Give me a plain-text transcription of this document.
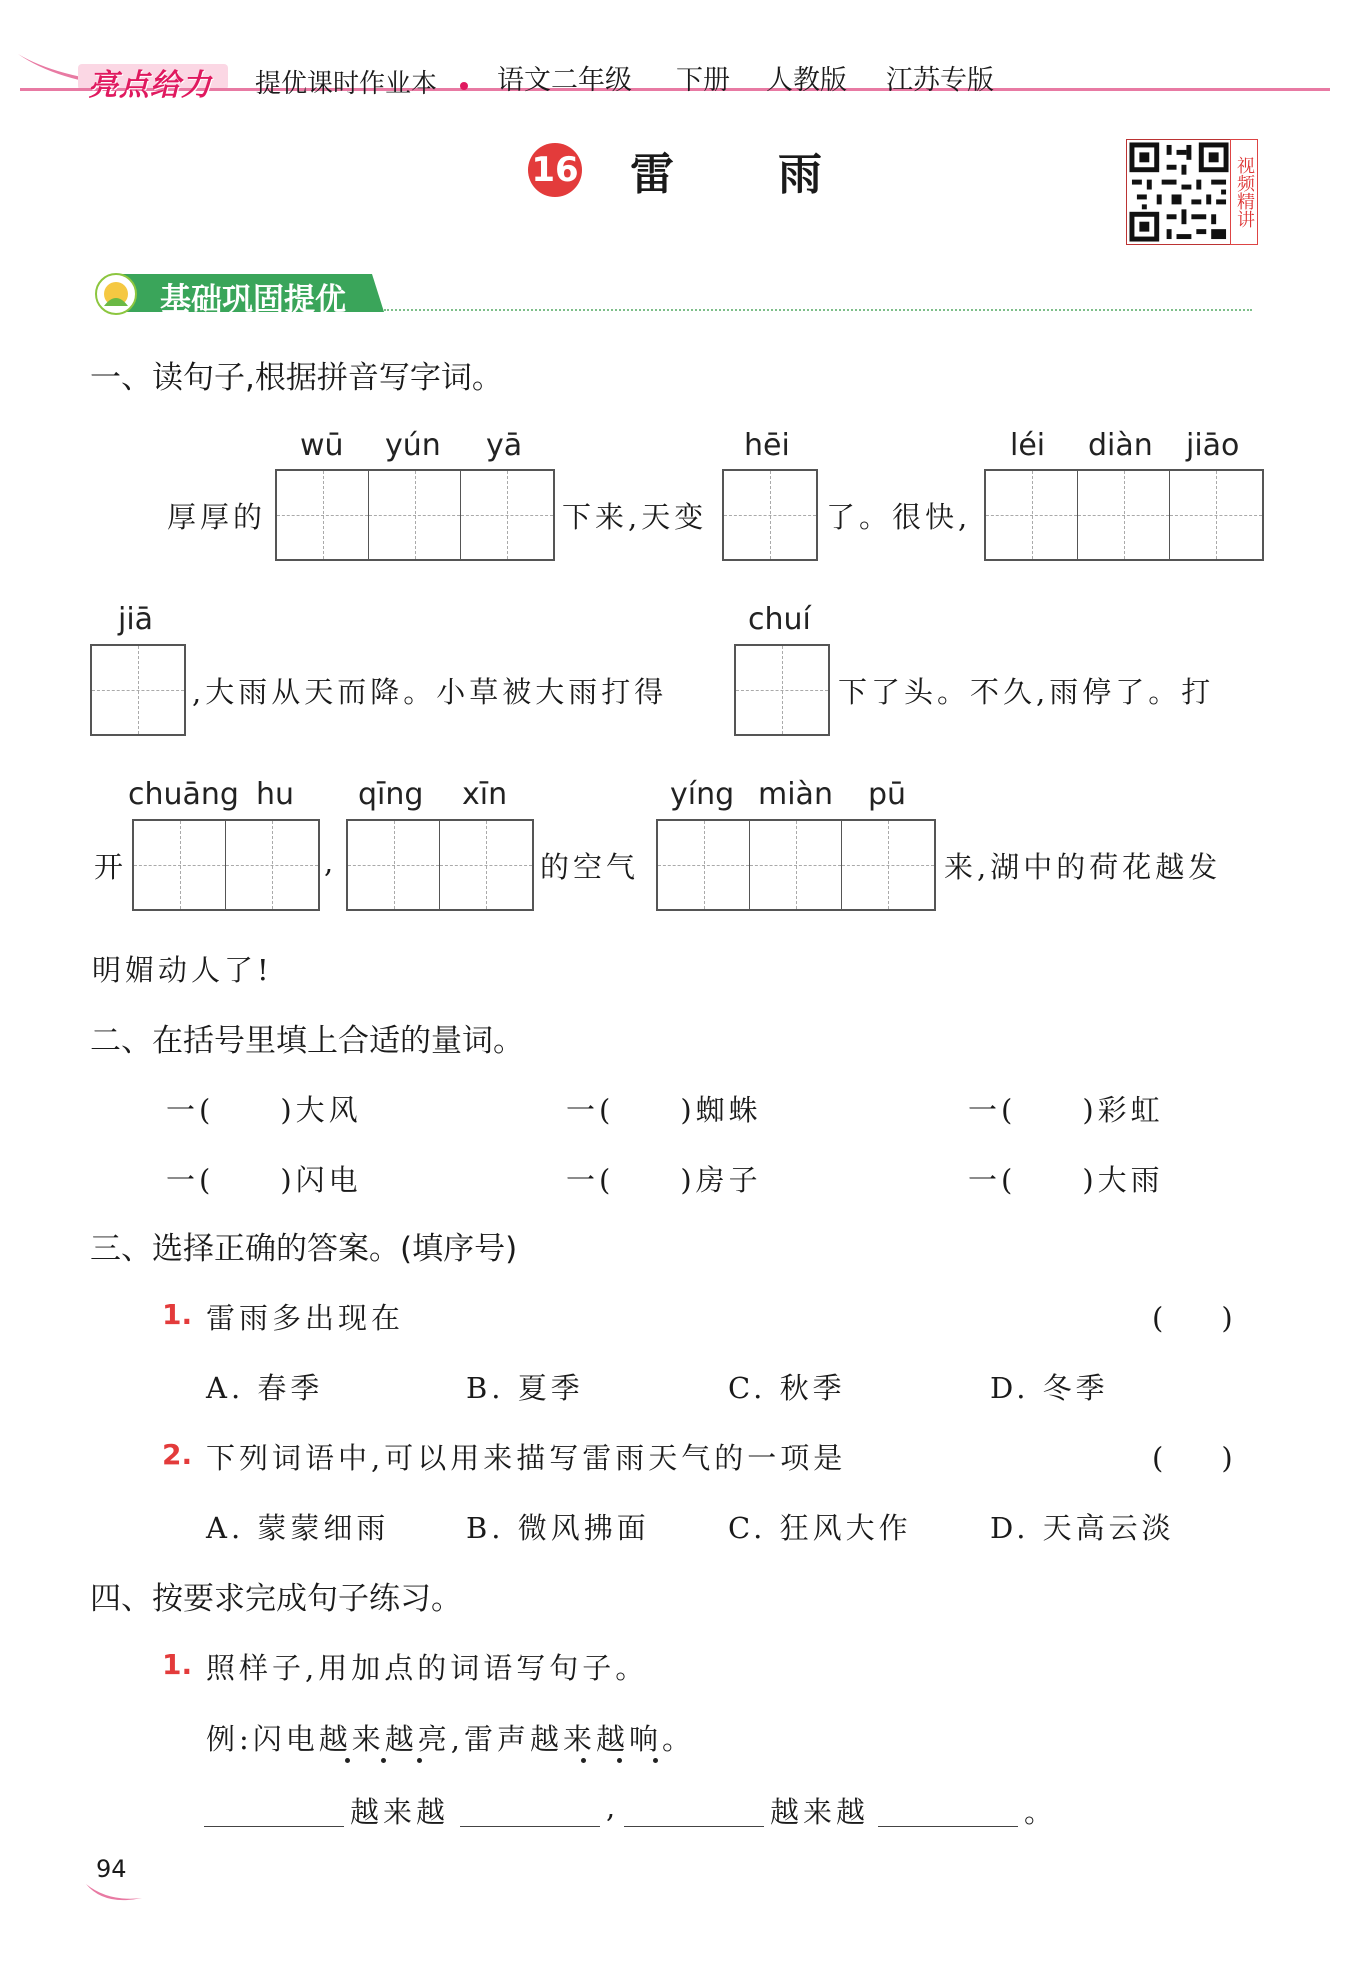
亮点给力 提优课时作业本 语文二年级 下册 人教版 江苏专版
16 雷 雨	视频精讲
基础巩固提优
一、读句子,根据拼音写字词。
wū yún yā	hēi	léi diàn jiāo
厚厚的	下来,天变	了。很快,
jiā	chuí
,大雨从天而降。小草被大雨打得	下了头。不久,雨停了。打
chuāng hu qīng xīn	yíng miàn pū
开	,	的空气	来,湖中的荷花越发
明媚动人了!
二、在括号里填上合适的量词。
一(　　)大风	一(　　)蜘蛛	一(　　)彩虹
一(　　)闪电	一(　　)房子	一(　　)大雨
三、选择正确的答案。(填序号)
1. 雷雨多出现在	(　　)
A. 春季	B. 夏季	C. 秋季	D. 冬季
2. 下列词语中,可以用来描写雷雨天气的一项是	(　　)
A. 蒙蒙细雨	B. 微风拂面	C. 狂风大作	D. 天高云淡
四、按要求完成句子练习。
1. 照样子,用加点的词语写句子。
例:闪电越来越亮,雷声越来越响。
越来越	,	越来越	。
94
